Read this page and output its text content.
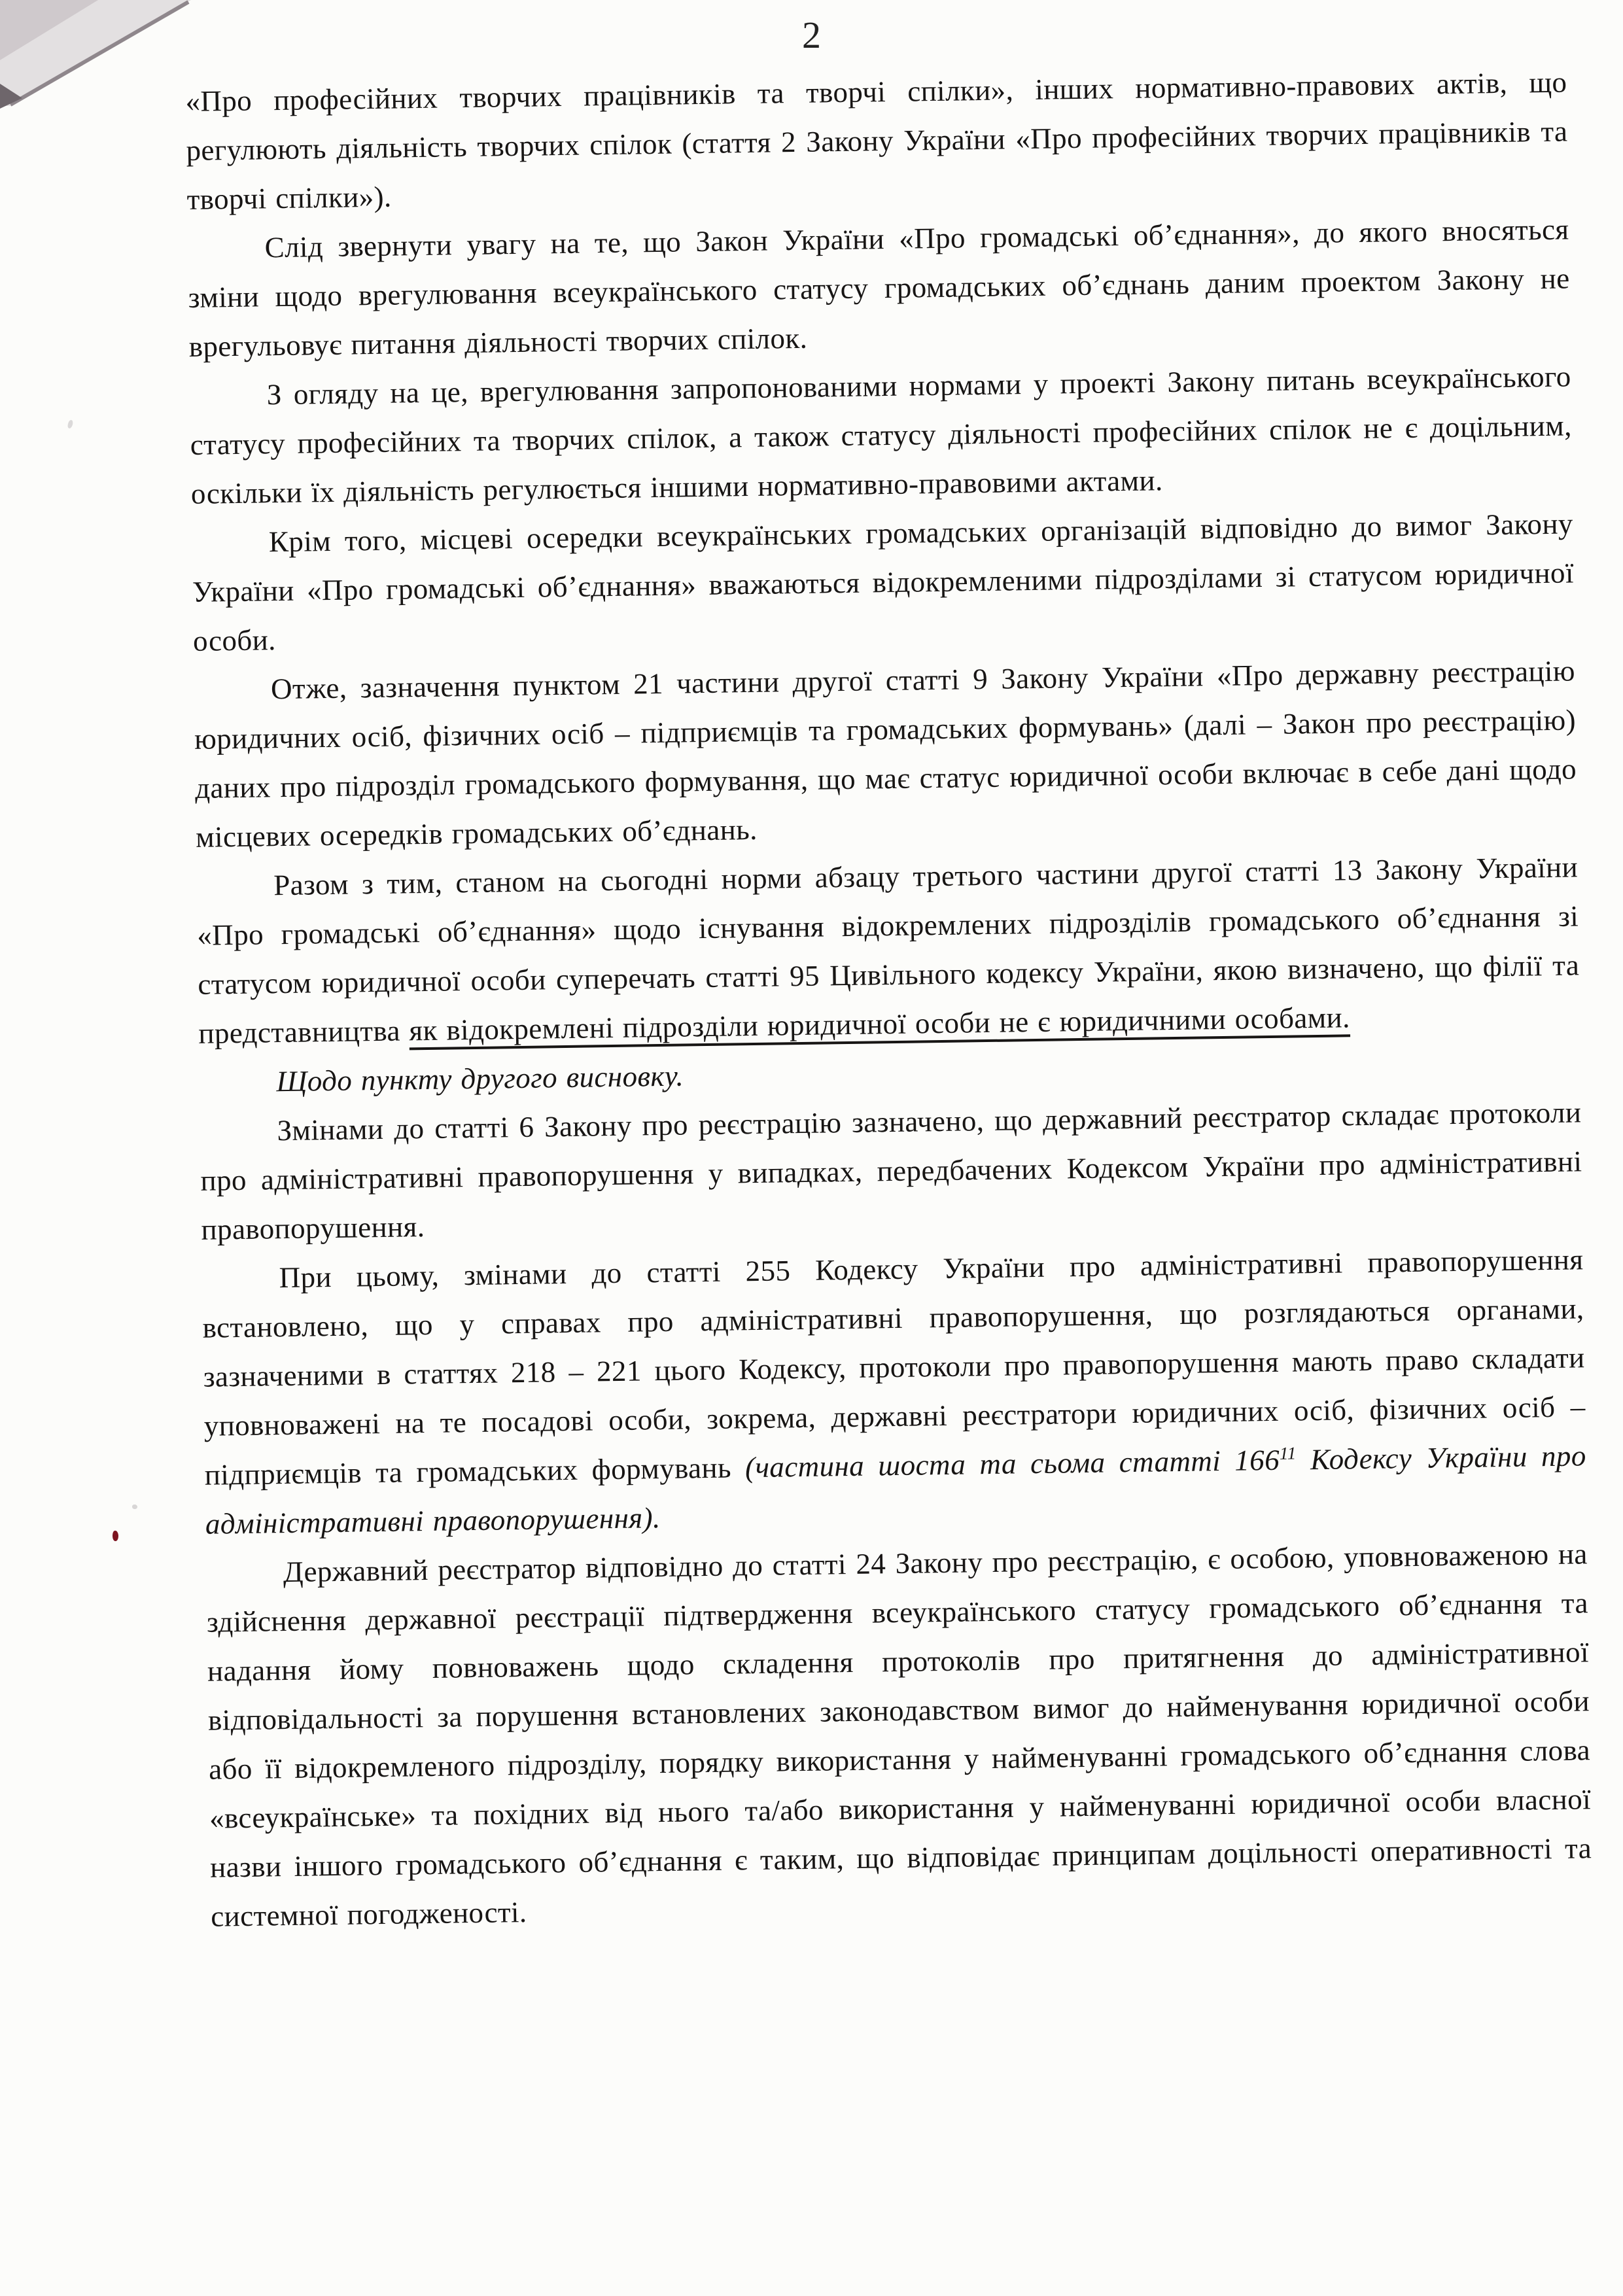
2

«Про професійних творчих працівників та творчі спілки», інших нормативно-правових актів, що регулюють діяльність творчих спілок (стаття 2 Закону України «Про професійних творчих працівників та творчі спілки»).

Слід звернути увагу на те, що Закон України «Про громадські об’єднання», до якого вносяться зміни щодо врегулювання всеукраїнського статусу громадських об’єднань даним проектом Закону не врегульовує питання діяльності творчих спілок.

З огляду на це, врегулювання запропонованими нормами у проекті Закону питань всеукраїнського статусу професійних та творчих спілок, а також статусу діяльності професійних спілок не є доцільним, оскільки їх діяльність регулюється іншими нормативно-правовими актами.

Крім того, місцеві осередки всеукраїнських громадських організацій відповідно до вимог Закону України «Про громадські об’єднання» вважаються відокремленими підрозділами зі статусом юридичної особи.

Отже, зазначення пунктом 21 частини другої статті 9 Закону України «Про державну реєстрацію юридичних осіб, фізичних осіб – підприємців та громадських формувань» (далі – Закон про реєстрацію) даних про підрозділ громадського формування, що має статус юридичної особи включає в себе дані щодо місцевих осередків громадських об’єднань.

Разом з тим, станом на сьогодні норми абзацу третього частини другої статті 13 Закону України «Про громадські об’єднання» щодо існування відокремлених підрозділів громадського об’єднання зі статусом юридичної особи суперечать статті 95 Цивільного кодексу України, якою визначено, що філії та представництва як відокремлені підрозділи юридичної особи не є юридичними особами.

Щодо пункту другого висновку.

Змінами до статті 6 Закону про реєстрацію зазначено, що державний реєстратор складає протоколи про адміністративні правопорушення у випадках, передбачених Кодексом України про адміністративні правопорушення.

При цьому, змінами до статті 255 Кодексу України про адміністративні правопорушення встановлено, що у справах про адміністративні правопорушення, що розглядаються органами, зазначеними в статтях 218 – 221 цього Кодексу, протоколи про правопорушення мають право складати уповноважені на те посадові особи, зокрема, державні реєстратори юридичних осіб, фізичних осіб – підприємців та громадських формувань (частина шоста та сьома статті $166^{11}$ Кодексу України про адміністративні правопорушення).

Державний реєстратор відповідно до статті 24 Закону про реєстрацію, є особою, уповноваженою на здійснення державної реєстрації підтвердження всеукраїнського статусу громадського об’єднання та надання йому повноважень щодо складення протоколів про притягнення до адміністративної відповідальності за порушення встановлених законодавством вимог до найменування юридичної особи або її відокремленого підрозділу, порядку використання у найменуванні громадського об’єднання слова «всеукраїнське» та похідних від нього та/або використання у найменуванні юридичної особи власної назви іншого громадського об’єднання є таким, що відповідає принципам доцільності оперативності та системної погодженості.
